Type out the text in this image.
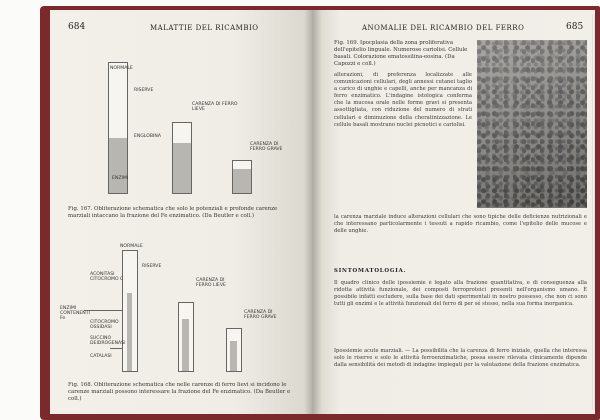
684	MALATTIE DEL RICAMBIO
NORMALE
RISERVE
CARENZA DI FERRO LIEVE
ENGLOBINA
CARENZA DI FERRO GRAVE
ENZIMI
Fig. 167. Obliterazione schematica che solo le potenziali e profonde carenze marziali intaccano la frazione del Fe enzimatico. (Da Beutler e coll.)
NORMALE
RISERVE
ACONITASI CITOCROMO C	CARENZA DI FERRO LIEVE
ENZIMI CONTENENTI Fe
CITOCROMO OSSIDASI
SUCCINO DEIDROGENASI
CATALASI
CARENZA DI FERRO GRAVE
Fig. 168. Obliterazione schematica che nelle carenze di ferro lievi si incidono le carenze marziali possono interessare la frazione del Fe enzimatico. (Da Beutler e coll.)
ANOMALIE DEL RICAMBIO DEL FERRO	685
Fig. 169. Ipocplasia della zona proliferativa dell'epitelio linguale. Numerose cariolisi. Cellule basali. Colorazione ematossilina-eosina. (Da Capozzi e coll.)

alterazioni, di preferenza localizzate alle comunicazioni cellulari, degli annessi cutanei taglio a carico di unghie e capelli, anche per mancanza di ferro enzimatico. L'indagine istologica conferma che la mucosa orale nelle forme gravi si presenta assottigliata, con riduzione del numero di strati cellulari e diminuzione della cheratinizzazione. Le cellule basali mostrano nuclei picnotici e cariolisi.

la carenza marziale induce alterazioni cellulari che sono tipiche delle deficienze nutrizionali e che interessano particolarmente i tessuti a rapido ricambio, come l'epitelio delle mucose e delle unghie.

SINTOMATOLOGIA.

Il quadro clinico delle ipossiemie è legato alla frazione quantitativa, e di conseguenza alla ridotta attività funzionale, dei composti ferroproteici presenti nell'organismo umano. È possibile infatti escludere, sulla base dei dati sperimentali in nostro possesso, che non ci sono tutti gli enzimi e le attività funzionali del ferro di per sé stesso, nella sua forma inorganica.

Ipossiemie acute marziali. — La possibilità che la carenza di ferro iniziale, quella che interessa solo le riserve e solo le attività ferroenzimatiche, possa essere rilevata clinicamente dipende dalla sensibilità dei metodi di indagine impiegati per la valutazione della frazione enzimatica.
